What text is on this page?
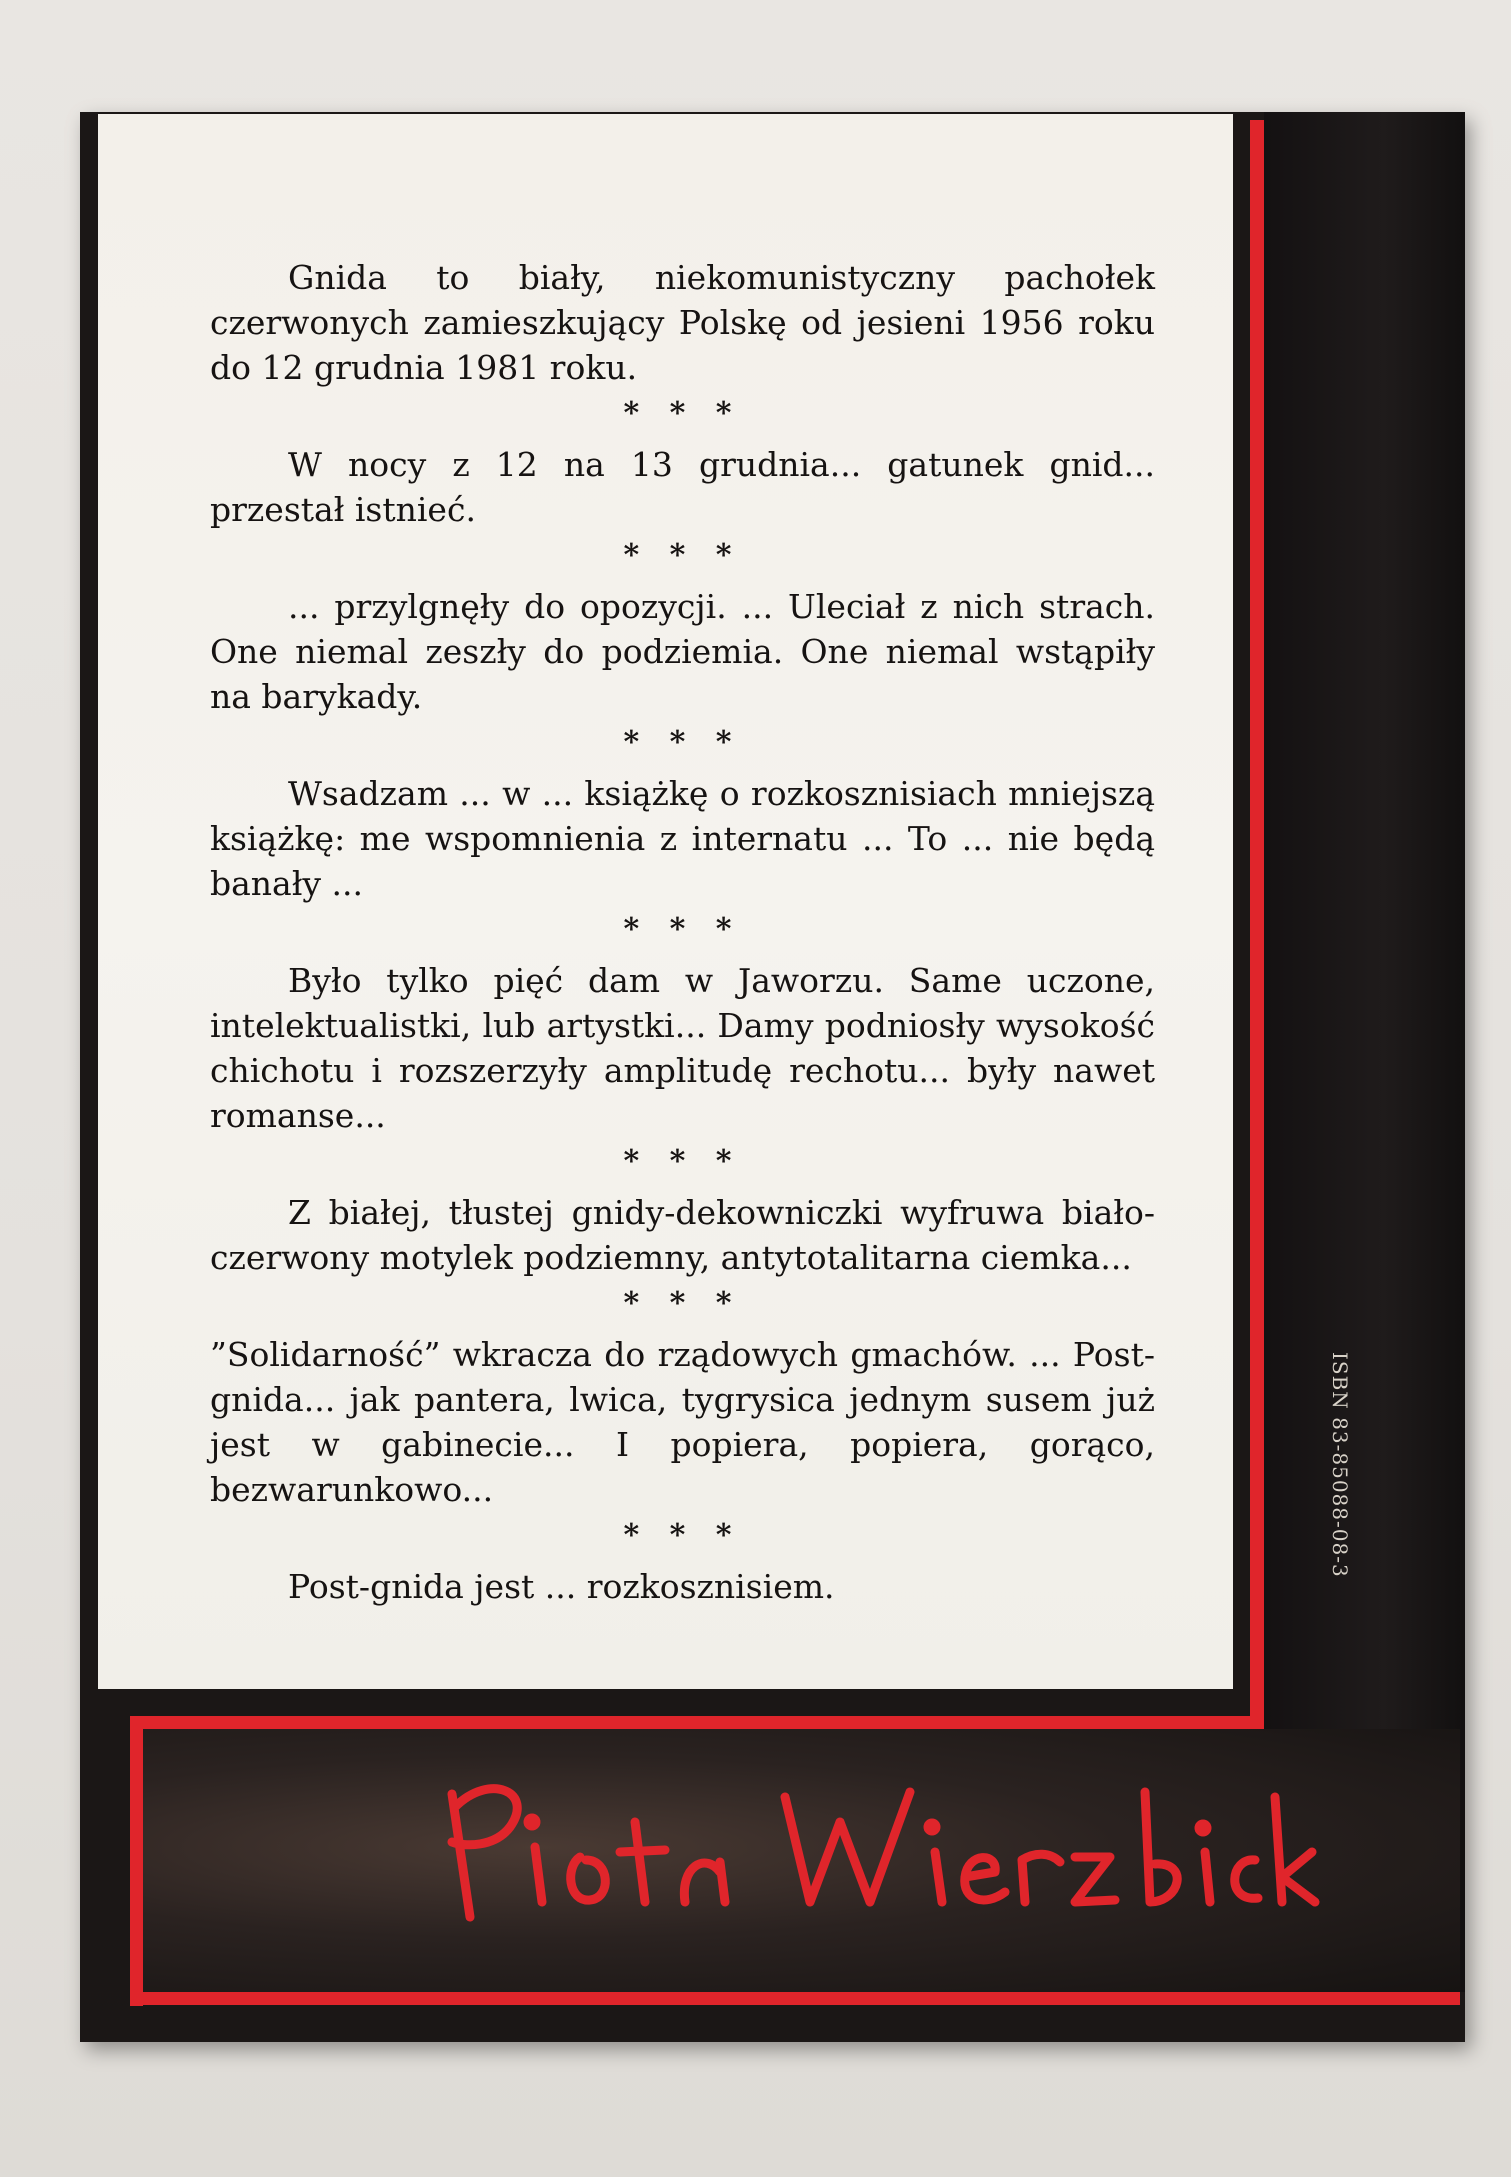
ISBN 83-85088-08-3

Gnida to biały, niekomunistyczny pachołek czerwonych zamieszkujący Polskę od jesieni 1956 roku do 12 grudnia 1981 roku.

* * *

W nocy z 12 na 13 grudnia... gatunek gnid... przestał istnieć.

* * *

... przylgnęły do opozycji. ... Uleciał z nich strach. One niemal zeszły do podziemia. One niemal wstąpiły na barykady.

* * *

Wsadzam ... w ... książkę o rozkosznisiach mniejszą książkę: me wspomnienia z internatu ... To ... nie będą banały ...

* * *

Było tylko pięć dam w Jaworzu. Same uczone, intelektualistki, lub artystki... Damy podniosły wysokość chichotu i rozszerzyły amplitudę rechotu... były nawet romanse...

* * *

Z białej, tłustej gnidy-dekowniczki wyfruwa biało-czerwony motylek podziemny, antytotalitarna ciemka...

* * *

”Solidarność” wkracza do rządowych gmachów. ... Post-gnida... jak pantera, lwica, tygrysica jednym susem już jest w gabinecie... I popiera, popiera, gorąco, bezwarunkowo...

* * *

Post-gnida jest ... rozkosznisiem.
